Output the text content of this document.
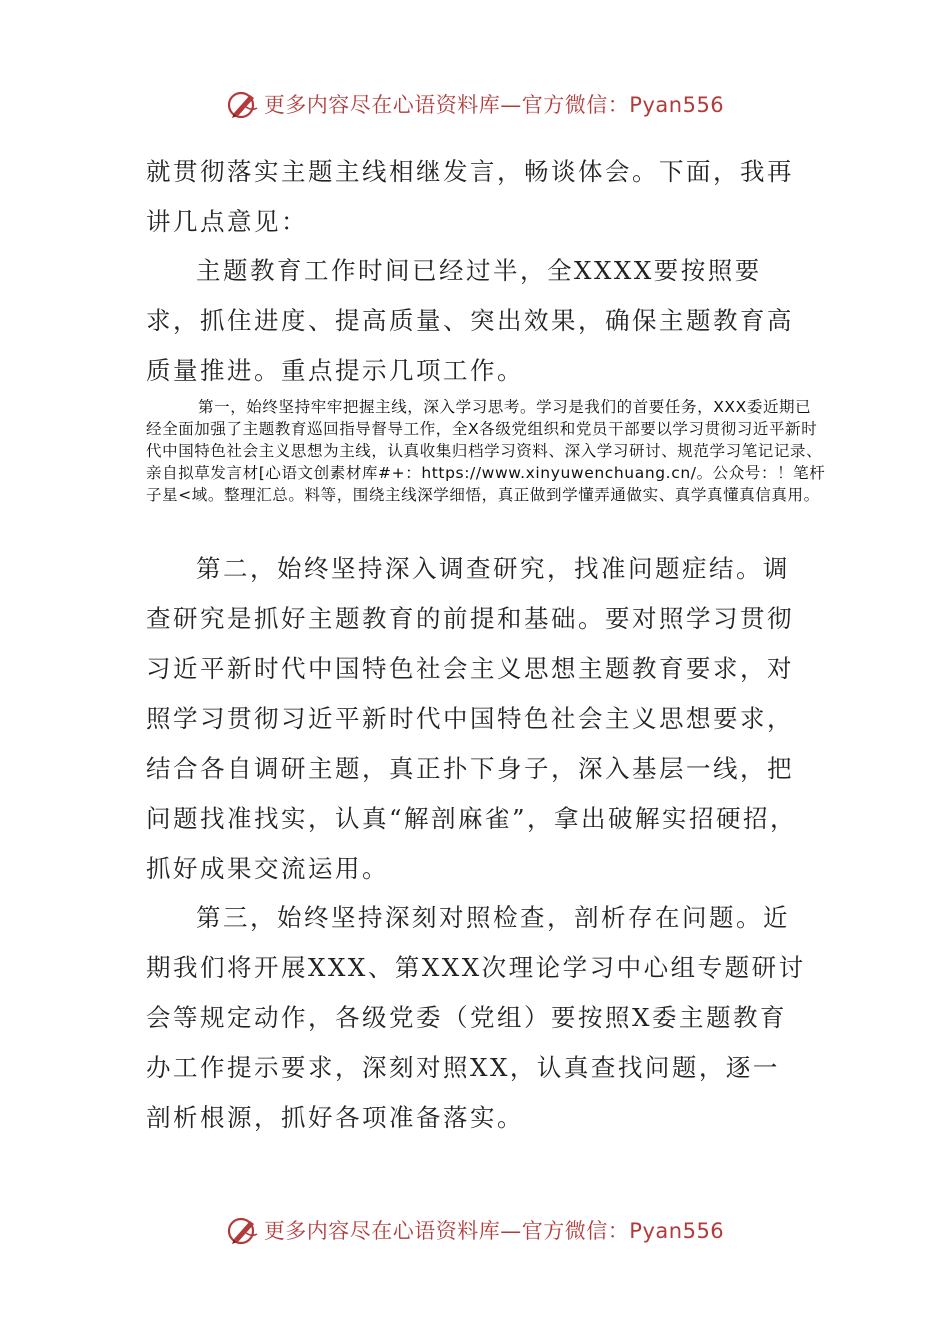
更多内容尽在心语资料库—官方微信：Pyan556

就贯彻落实主题主线相继发言，畅谈体会。下面，我再讲几点意见：

主题教育工作时间已经过半，全XXXX要按照要求，抓住进度、提高质量、突出效果，确保主题教育高质量推进。重点提示几项工作。

第一，始终坚持牢牢把握主线，深入学习思考。学习是我们的首要任务，XXX委近期已经全面加强了主题教育巡回指导督导工作，全X各级党组织和党员干部要以学习贯彻习近平新时代中国特色社会主义思想为主线，认真收集归档学习资料、深入学习研讨、规范学习笔记记录、亲自拟草发言材[心语文创素材库#+：https://www.xinyuwenchuang.cn/。公众号：！笔杆子星<域。整理汇总。料等，围绕主线深学细悟，真正做到学懂弄通做实、真学真懂真信真用。

第二，始终坚持深入调查研究，找准问题症结。调查研究是抓好主题教育的前提和基础。要对照学习贯彻习近平新时代中国特色社会主义思想主题教育要求，对照学习贯彻习近平新时代中国特色社会主义思想要求，结合各自调研主题，真正扑下身子，深入基层一线，把问题找准找实，认真“解剖麻雀”，拿出破解实招硬招，抓好成果交流运用。

第三，始终坚持深刻对照检查，剖析存在问题。近期我们将开展XXX、第XXX次理论学习中心组专题研讨会等规定动作，各级党委（党组）要按照X委主题教育办工作提示要求，深刻对照XX，认真查找问题，逐一剖析根源，抓好各项准备落实。

更多内容尽在心语资料库—官方微信：Pyan556
